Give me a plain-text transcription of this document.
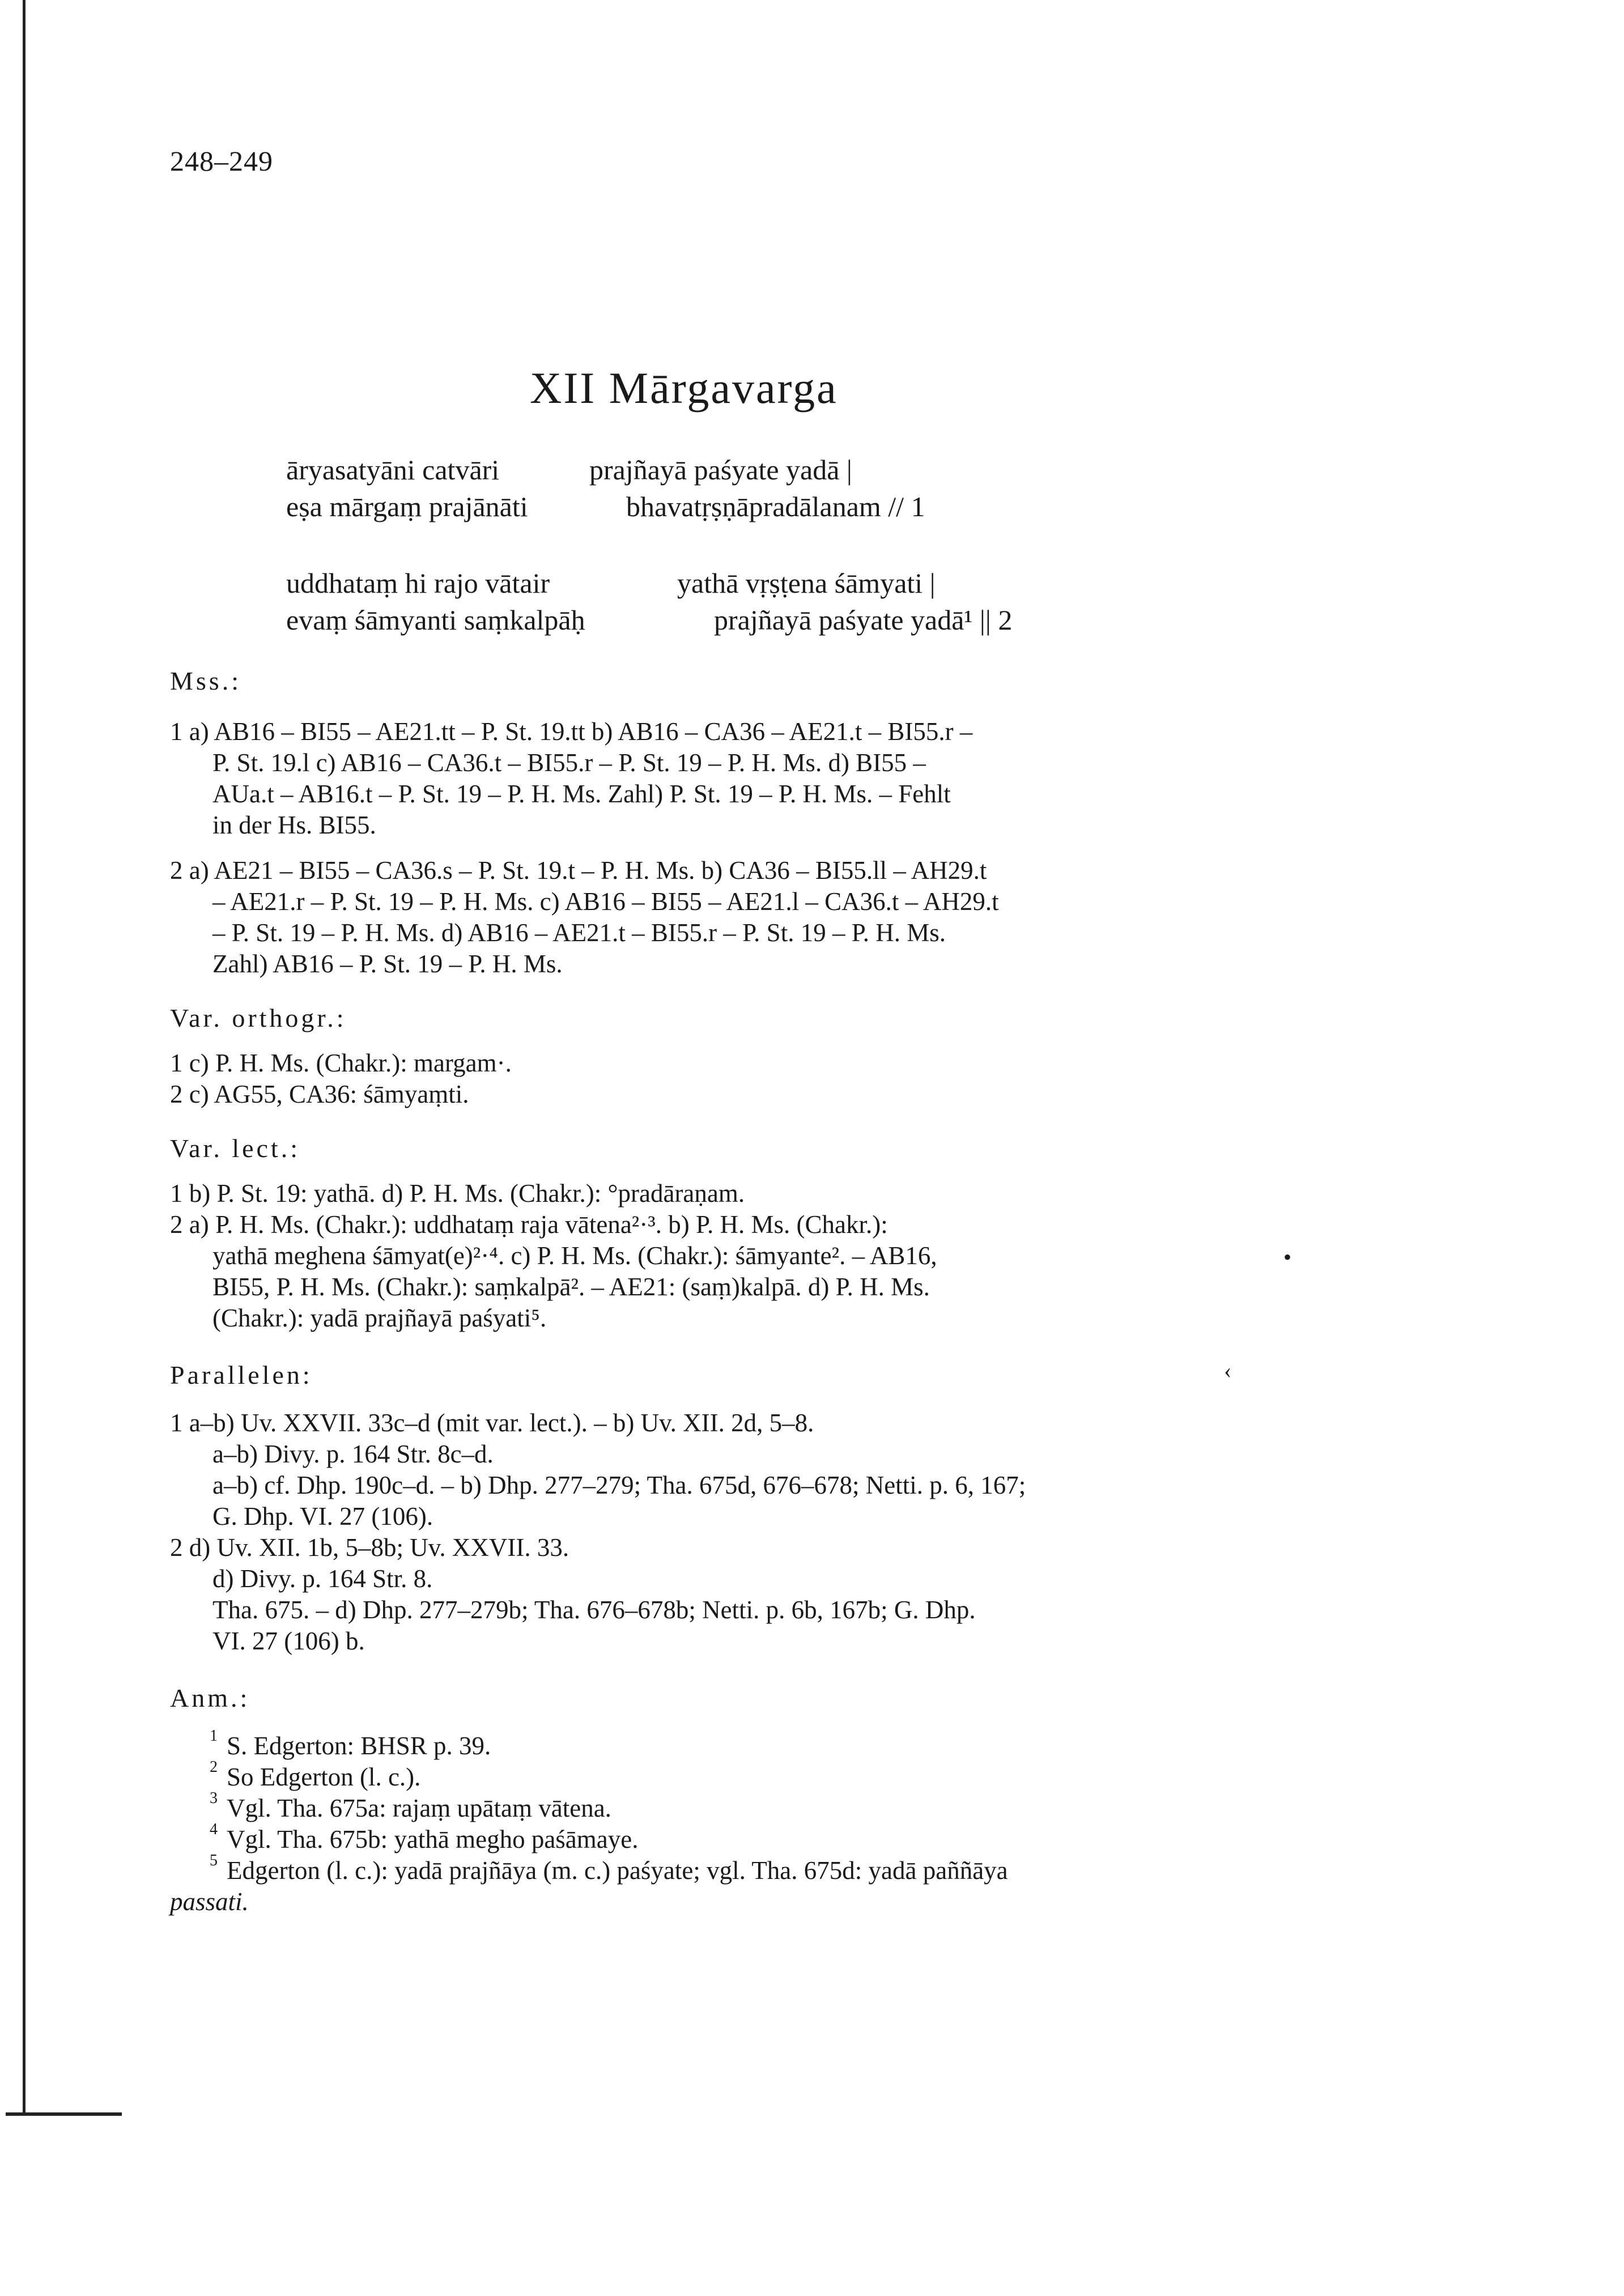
248–249
XII Mārgavarga
āryasatyāni catvāri	prajñayā paśyate yadā |
eṣa mārgaṃ prajānāti	bhavatṛṣṇāpradālanam // 1
uddhataṃ hi rajo vātair	yathā vṛṣṭena śāmyati |
evaṃ śāmyanti saṃkalpāḥ	prajñayā paśyate yadā¹ || 2
Mss.:
1 a) AB16 – BI55 – AE21.tt – P. St. 19.tt b) AB16 – CA36 – AE21.t – BI55.r –
P. St. 19.l c) AB16 – CA36.t – BI55.r – P. St. 19 – P. H. Ms. d) BI55 –
AUa.t – AB16.t – P. St. 19 – P. H. Ms. Zahl) P. St. 19 – P. H. Ms. – Fehlt
in der Hs. BI55.
2 a) AE21 – BI55 – CA36.s – P. St. 19.t – P. H. Ms. b) CA36 – BI55.ll – AH29.t
– AE21.r – P. St. 19 – P. H. Ms. c) AB16 – BI55 – AE21.l – CA36.t – AH29.t
– P. St. 19 – P. H. Ms. d) AB16 – AE21.t – BI55.r – P. St. 19 – P. H. Ms.
Zahl) AB16 – P. St. 19 – P. H. Ms.
Var. orthogr.:
1 c) P. H. Ms. (Chakr.): margam·.
2 c) AG55, CA36: śāmyaṃti.
Var. lect.:
1 b) P. St. 19: yathā. d) P. H. Ms. (Chakr.): °pradāraṇam.
2 a) P. H. Ms. (Chakr.): uddhataṃ raja vātena²·³. b) P. H. Ms. (Chakr.):
yathā meghena śāmyat(e)²·⁴. c) P. H. Ms. (Chakr.): śāmyante². – AB16,
BI55, P. H. Ms. (Chakr.): saṃkalpā². – AE21: (saṃ)kalpā. d) P. H. Ms.
(Chakr.): yadā prajñayā paśyati⁵.
•
Parallelen:	‹
1 a–b) Uv. XXVII. 33c–d (mit var. lect.). – b) Uv. XII. 2d, 5–8.
a–b) Divy. p. 164 Str. 8c–d.
a–b) cf. Dhp. 190c–d. – b) Dhp. 277–279; Tha. 675d, 676–678; Netti. p. 6, 167;
G. Dhp. VI. 27 (106).
2 d) Uv. XII. 1b, 5–8b; Uv. XXVII. 33.
d) Divy. p. 164 Str. 8.
Tha. 675. – d) Dhp. 277–279b; Tha. 676–678b; Netti. p. 6b, 167b; G. Dhp.
VI. 27 (106) b.
Anm.:
1 S. Edgerton: BHSR p. 39.
2 So Edgerton (l. c.).
3 Vgl. Tha. 675a: rajaṃ upātaṃ vātena.
4 Vgl. Tha. 675b: yathā megho paśāmaye.
5 Edgerton (l. c.): yadā prajñāya (m. c.) paśyate; vgl. Tha. 675d: yadā paññāya
passati.
